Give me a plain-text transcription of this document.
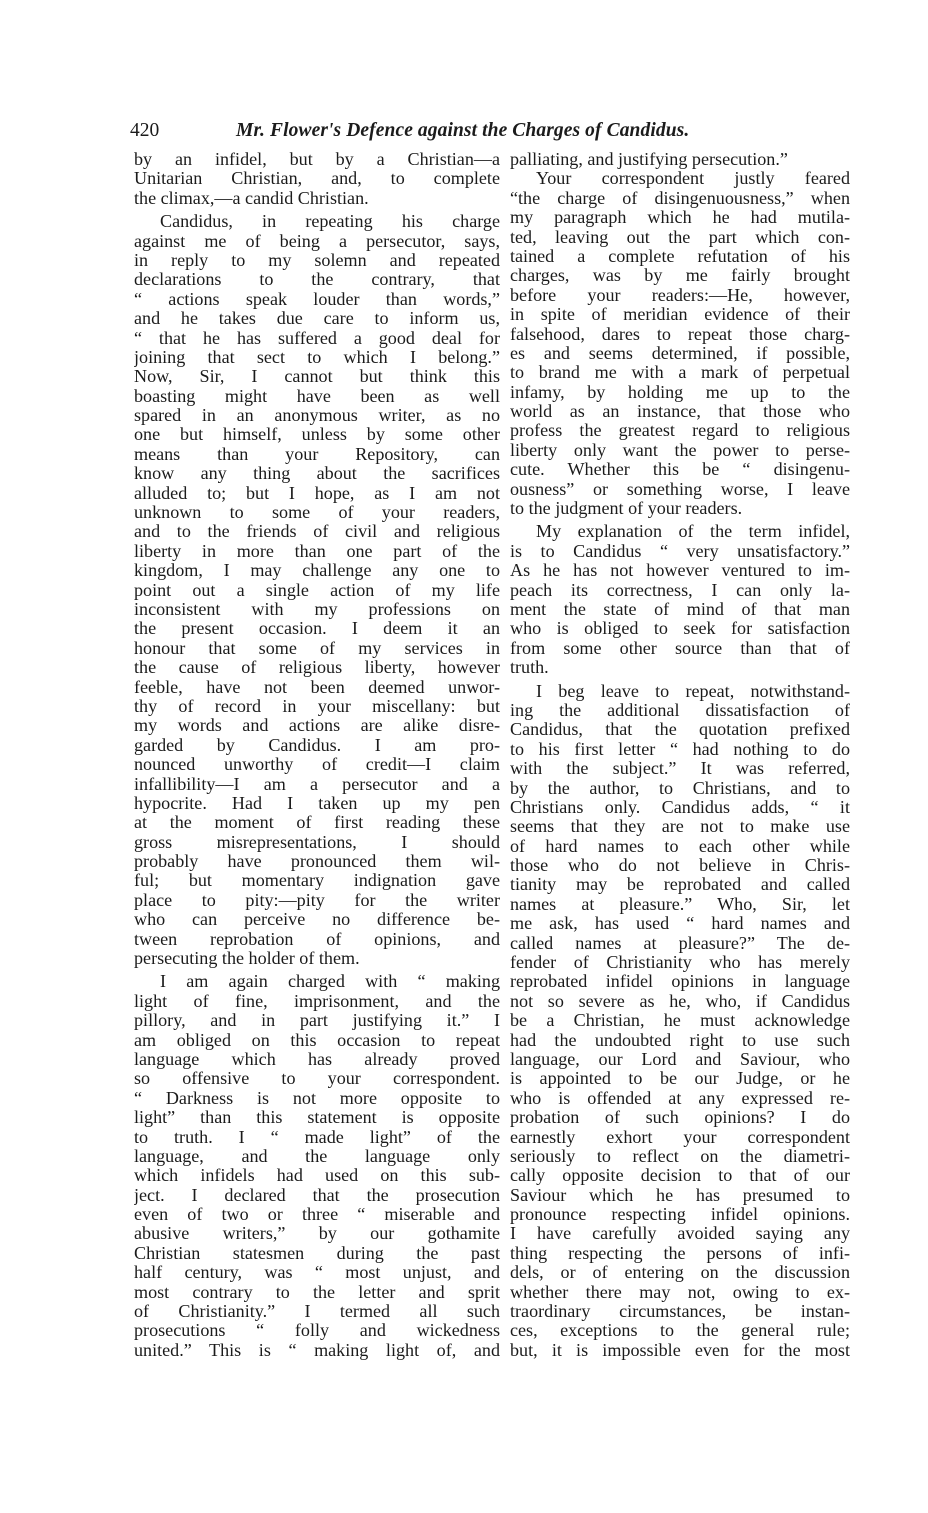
420	Mr. Flower's Defence against the Charges of Candidus.
by an infidel, but by a Christian—a
Unitarian Christian, and, to complete
the climax,—a candid Christian.
Candidus, in repeating his charge
against me of being a persecutor, says,
in reply to my solemn and repeated
declarations to the contrary, that
“ actions speak louder than words,”
and he takes due care to inform us,
“ that he has suffered a good deal for
joining that sect to which I belong.”
Now, Sir, I cannot but think this
boasting might have been as well
spared in an anonymous writer, as no
one but himself, unless by some other
means than your Repository, can
know any thing about the sacrifices
alluded to; but I hope, as I am not
unknown to some of your readers,
and to the friends of civil and religious
liberty in more than one part of the
kingdom, I may challenge any one to
point out a single action of my life
inconsistent with my professions on
the present occasion. I deem it an
honour that some of my services in
the cause of religious liberty, however
feeble, have not been deemed unwor-
thy of record in your miscellany: but
my words and actions are alike disre-
garded by Candidus. I am pro-
nounced unworthy of credit—I claim
infallibility—I am a persecutor and a
hypocrite. Had I taken up my pen
at the moment of first reading these
gross misrepresentations, I should
probably have pronounced them wil-
ful; but momentary indignation gave
place to pity:—pity for the writer
who can perceive no difference be-
tween reprobation of opinions, and
persecuting the holder of them.
I am again charged with “ making
light of fine, imprisonment, and the
pillory, and in part justifying it.” I
am obliged on this occasion to repeat
language which has already proved
so offensive to your correspondent.
“ Darkness is not more opposite to
light” than this statement is opposite
to truth. I “ made light” of the
language, and the language only
which infidels had used on this sub-
ject. I declared that the prosecution
even of two or three “ miserable and
abusive writers,” by our gothamite
Christian statesmen during the past
half century, was “ most unjust, and
most contrary to the letter and sprit
of Christianity.” I termed all such
prosecutions “ folly and wickedness
united.” This is “ making light of, and
palliating, and justifying persecution.”
Your correspondent justly feared
“the charge of disingenuousness,” when
my paragraph which he had mutila-
ted, leaving out the part which con-
tained a complete refutation of his
charges, was by me fairly brought
before your readers:—He, however,
in spite of meridian evidence of their
falsehood, dares to repeat those charg-
es and seems determined, if possible,
to brand me with a mark of perpetual
infamy, by holding me up to the
world as an instance, that those who
profess the greatest regard to religious
liberty only want the power to perse-
cute. Whether this be “ disingenu-
ousness” or something worse, I leave
to the judgment of your readers.
My explanation of the term infidel,
is to Candidus “ very unsatisfactory.”
As he has not however ventured to im-
peach its correctness, I can only la-
ment the state of mind of that man
who is obliged to seek for satisfaction
from some other source than that of
truth.
I beg leave to repeat, notwithstand-
ing the additional dissatisfaction of
Candidus, that the quotation prefixed
to his first letter “ had nothing to do
with the subject.” It was referred,
by the author, to Christians, and to
Christians only. Candidus adds, “ it
seems that they are not to make use
of hard names to each other while
those who do not believe in Chris-
tianity may be reprobated and called
names at pleasure.” Who, Sir, let
me ask, has used “ hard names and
called names at pleasure?” The de-
fender of Christianity who has merely
reprobated infidel opinions in language
not so severe as he, who, if Candidus
be a Christian, he must acknowledge
had the undoubted right to use such
language, our Lord and Saviour, who
is appointed to be our Judge, or he
who is offended at any expressed re-
probation of such opinions? I do
earnestly exhort your correspondent
seriously to reflect on the diametri-
cally opposite decision to that of our
Saviour which he has presumed to
pronounce respecting infidel opinions.
I have carefully avoided saying any
thing respecting the persons of infi-
dels, or of entering on the discussion
whether there may not, owing to ex-
traordinary circumstances, be instan-
ces, exceptions to the general rule;
but, it is impossible even for the most
